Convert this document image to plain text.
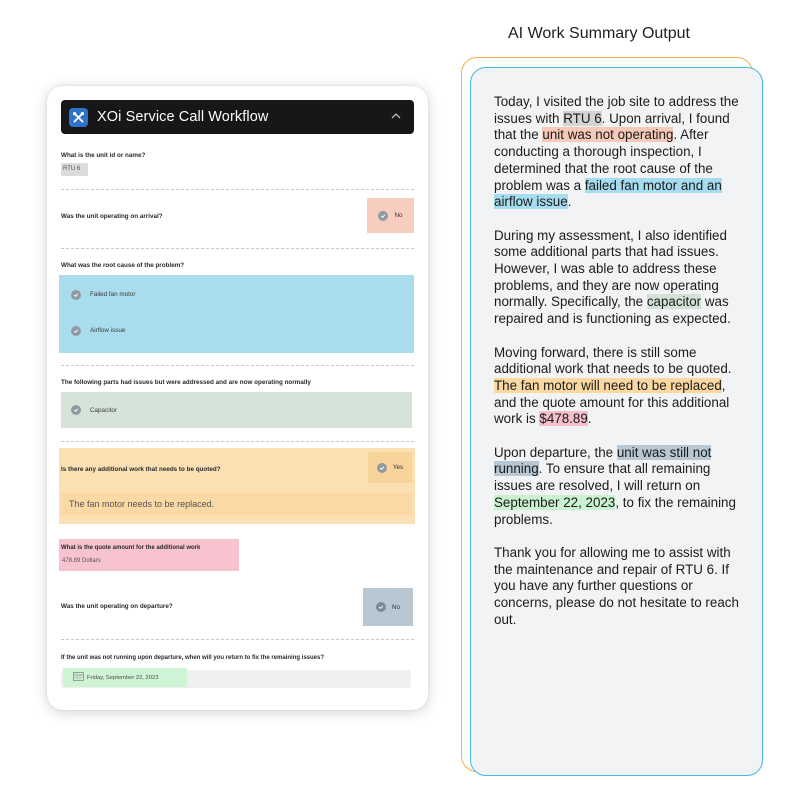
XOi Service Call Workflow
What is the unit id or name?
RTU 6
Was the unit operating on arrival?	No
What was the root cause of the problem?
Failed fan motor
Airflow issue
The following parts had issues but were addressed and are now operating normally
Capacitor
Is there any additional work that needs to be quoted?	Yes
The fan motor needs to be replaced.
What is the quote amount for the additional work
478.89 Dollars
Was the unit operating on departure?	No
If the unit was not running upon departure, when will you return to fix the remaining issues?
Friday, September 22, 2023
AI Work Summary Output

Today, I visited the job site to address the issues with RTU 6. Upon arrival, I found that the unit was not operating. After conducting a thorough inspection, I determined that the root cause of the problem was a failed fan motor and an airflow issue.

During my assessment, I also identified some additional parts that had issues. However, I was able to address these problems, and they are now operating normally. Specifically, the capacitor was repaired and is functioning as expected.

Moving forward, there is still some additional work that needs to be quoted. The fan motor will need to be replaced, and the quote amount for this additional work is $478.89.

Upon departure, the unit was still not running. To ensure that all remaining issues are resolved, I will return on September 22, 2023, to fix the remaining problems.

Thank you for allowing me to assist with the maintenance and repair of RTU 6. If you have any further questions or concerns, please do not hesitate to reach out.
